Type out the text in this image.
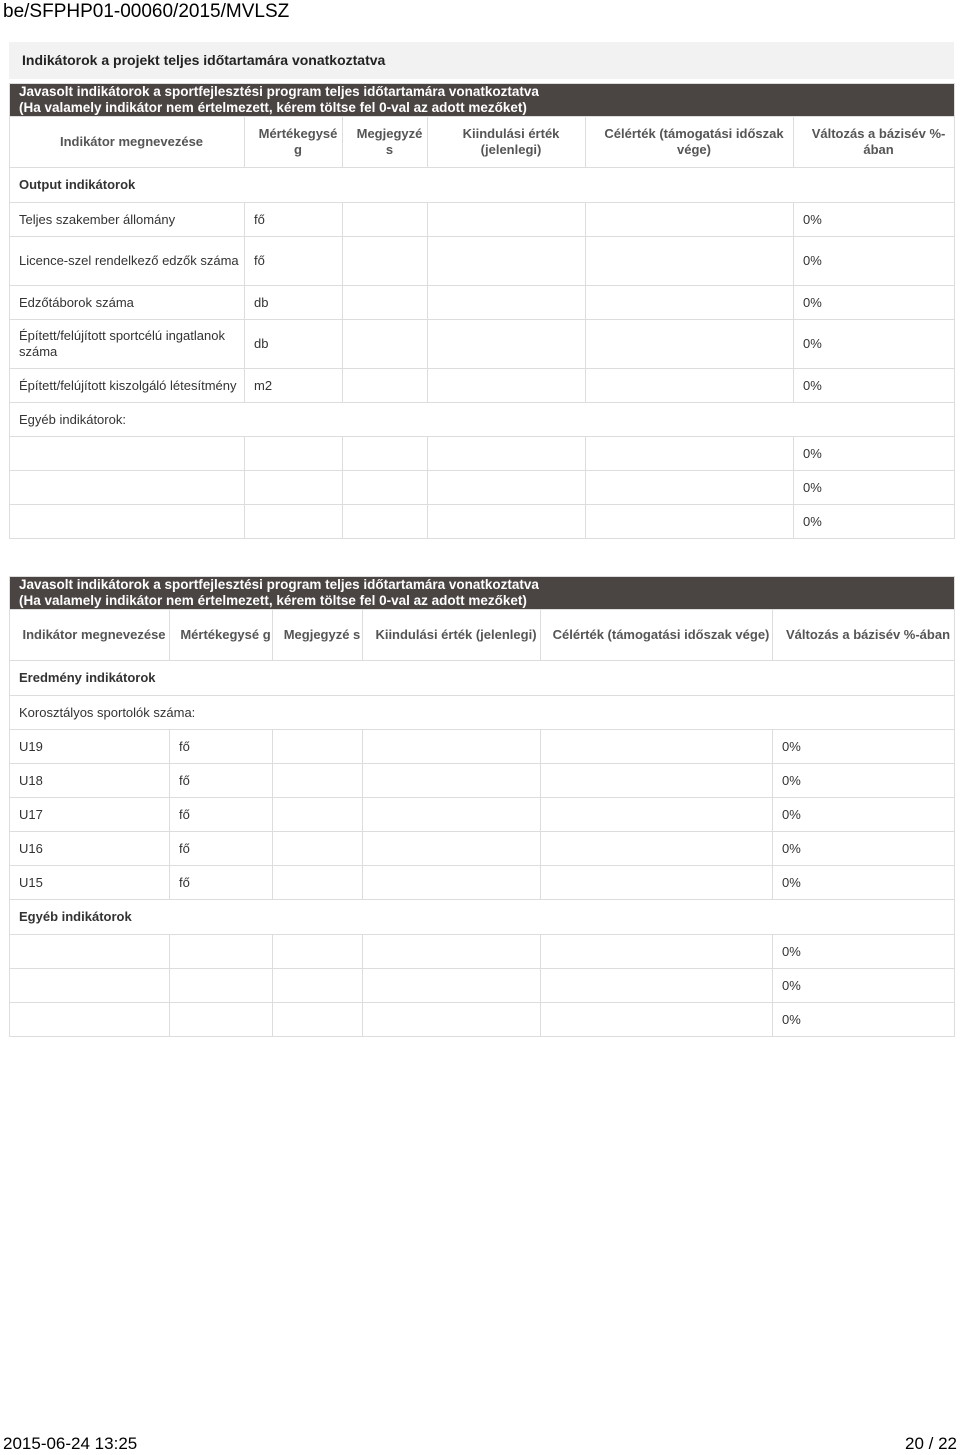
be/SFPHP01-00060/2015/MVLSZ
Indikátorok a projekt teljes időtartamára vonatkoztatva
Javasolt indikátorok a sportfejlesztési program teljes időtartamára vonatkoztatva
(Ha valamely indikátor nem értelmezett, kérem töltse fel 0-val az adott mezőket)					

Indikátor megnevezése	Mértékegysé g	Megjegyzé s	Kiindulási érték (jelenlegi)	Célérték (támogatási időszak vége)	Változás a bázisév %-ában
Output indikátorok					
Teljes szakember állomány	fő				0%
Licence-szel rendelkező edzők száma	fő				0%
Edzőtáborok száma	db				0%
Épített/felújított sportcélú ingatlanok száma	db				0%
Épített/felújított kiszolgáló létesítmény	m2				0%
Egyéb indikátorok:					
					0%
					0%
					0%
Javasolt indikátorok a sportfejlesztési program teljes időtartamára vonatkoztatva
(Ha valamely indikátor nem értelmezett, kérem töltse fel 0-val az adott mezőket)					

Indikátor megnevezése	Mértékegysé g	Megjegyzé s	Kiindulási érték (jelenlegi)	Célérték (támogatási időszak vége)	Változás a bázisév %-ában
Eredmény indikátorok					
Korosztályos sportolók száma:					
U19	fő				0%
U18	fő				0%
U17	fő				0%
U16	fő				0%
U15	fő				0%
Egyéb indikátorok					
					0%
					0%
					0%
2015-06-24 13:25	20 / 22
